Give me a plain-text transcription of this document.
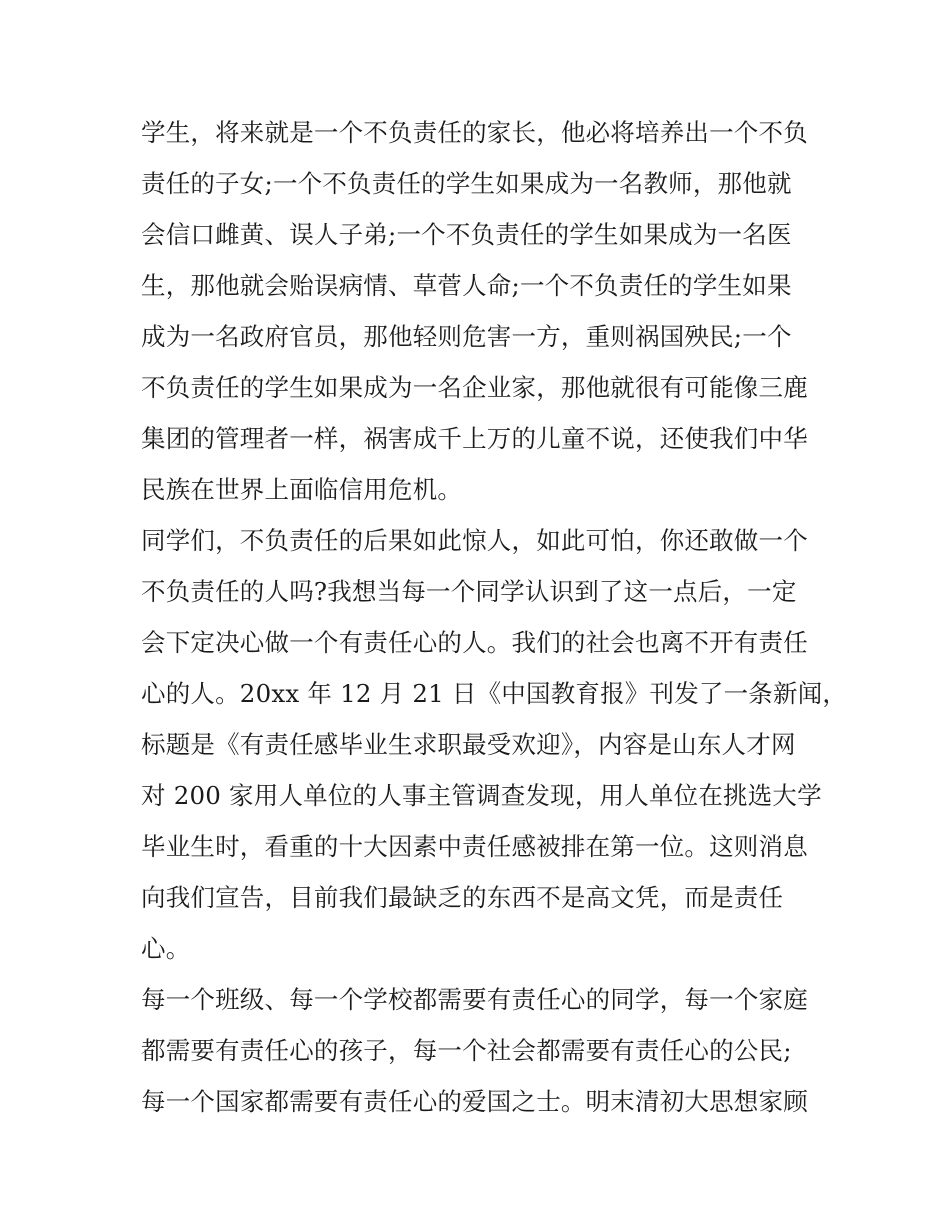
学生，将来就是一个不负责任的家长，他必将培养出一个不负
责任的子女;一个不负责任的学生如果成为一名教师，那他就
会信口雌黄、误人子弟;一个不负责任的学生如果成为一名医
生，那他就会贻误病情、草菅人命;一个不负责任的学生如果
成为一名政府官员，那他轻则危害一方，重则祸国殃民;一个
不负责任的学生如果成为一名企业家，那他就很有可能像三鹿
集团的管理者一样，祸害成千上万的儿童不说，还使我们中华
民族在世界上面临信用危机。
同学们，不负责任的后果如此惊人，如此可怕，你还敢做一个
不负责任的人吗?我想当每一个同学认识到了这一点后，一定
会下定决心做一个有责任心的人。我们的社会也离不开有责任
心的人。20xx 年 12 月 21 日《中国教育报》刊发了一条新闻，
标题是《有责任感毕业生求职最受欢迎》，内容是山东人才网
对 200 家用人单位的人事主管调查发现，用人单位在挑选大学
毕业生时，看重的十大因素中责任感被排在第一位。这则消息
向我们宣告，目前我们最缺乏的东西不是高文凭，而是责任
心。
每一个班级、每一个学校都需要有责任心的同学，每一个家庭
都需要有责任心的孩子，每一个社会都需要有责任心的公民;
每一个国家都需要有责任心的爱国之士。明末清初大思想家顾
